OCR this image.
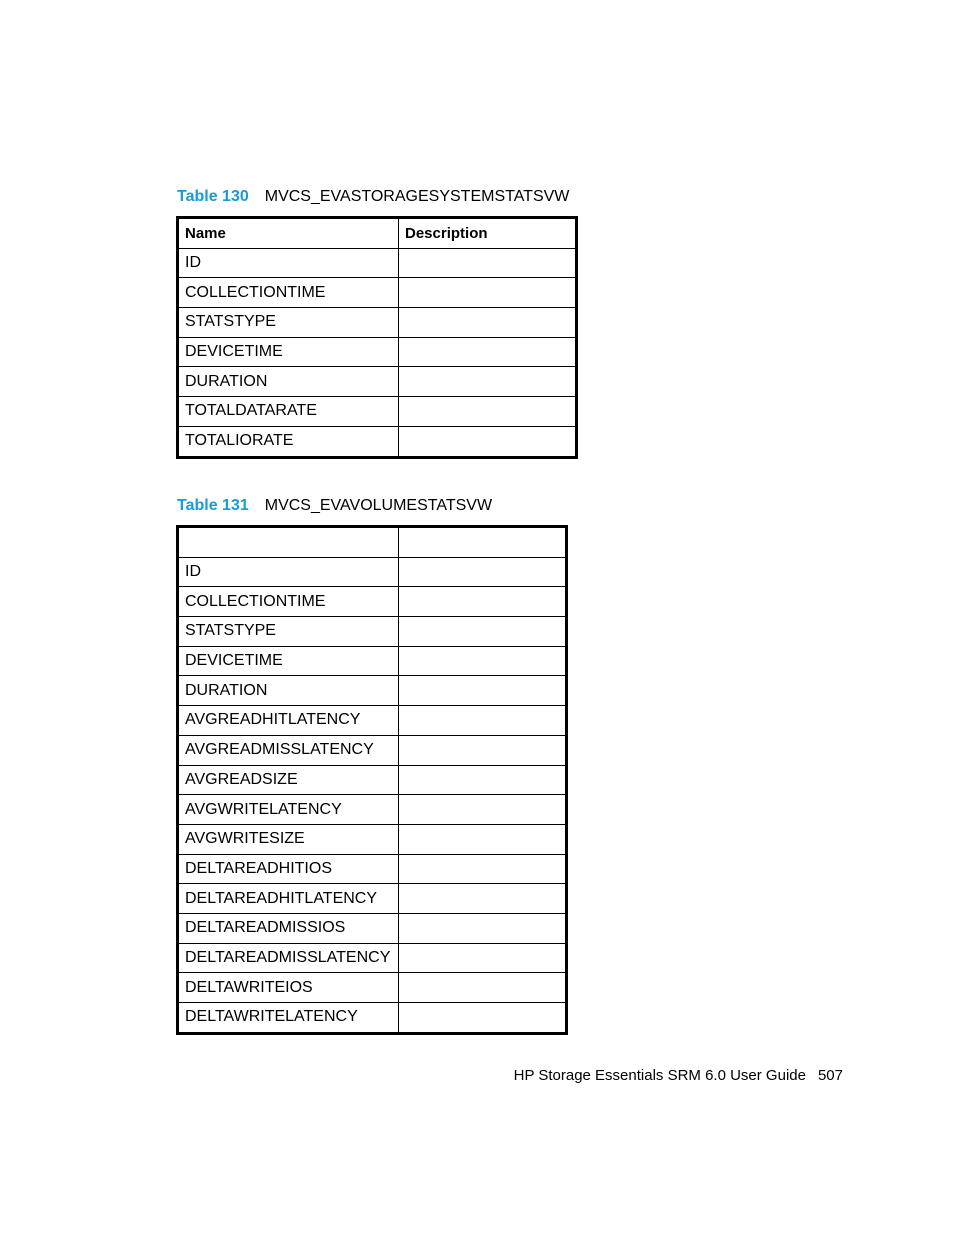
Table 130 MVCS_EVASTORAGESYSTEMSTATSVW
Name	Description
ID	
COLLECTIONTIME	
STATSTYPE	
DEVICETIME	
DURATION	
TOTALDATARATE	
TOTALIORATE	
Table 131 MVCS_EVAVOLUMESTATSVW

ID	
COLLECTIONTIME	
STATSTYPE	
DEVICETIME	
DURATION	
AVGREADHITLATENCY	
AVGREADMISSLATENCY	
AVGREADSIZE	
AVGWRITELATENCY	
AVGWRITESIZE	
DELTAREADHITIOS	
DELTAREADHITLATENCY	
DELTAREADMISSIOS	
DELTAREADMISSLATENCY	
DELTAWRITEIOS	
DELTAWRITELATENCY	
HP Storage Essentials SRM 6.0 User Guide 507
